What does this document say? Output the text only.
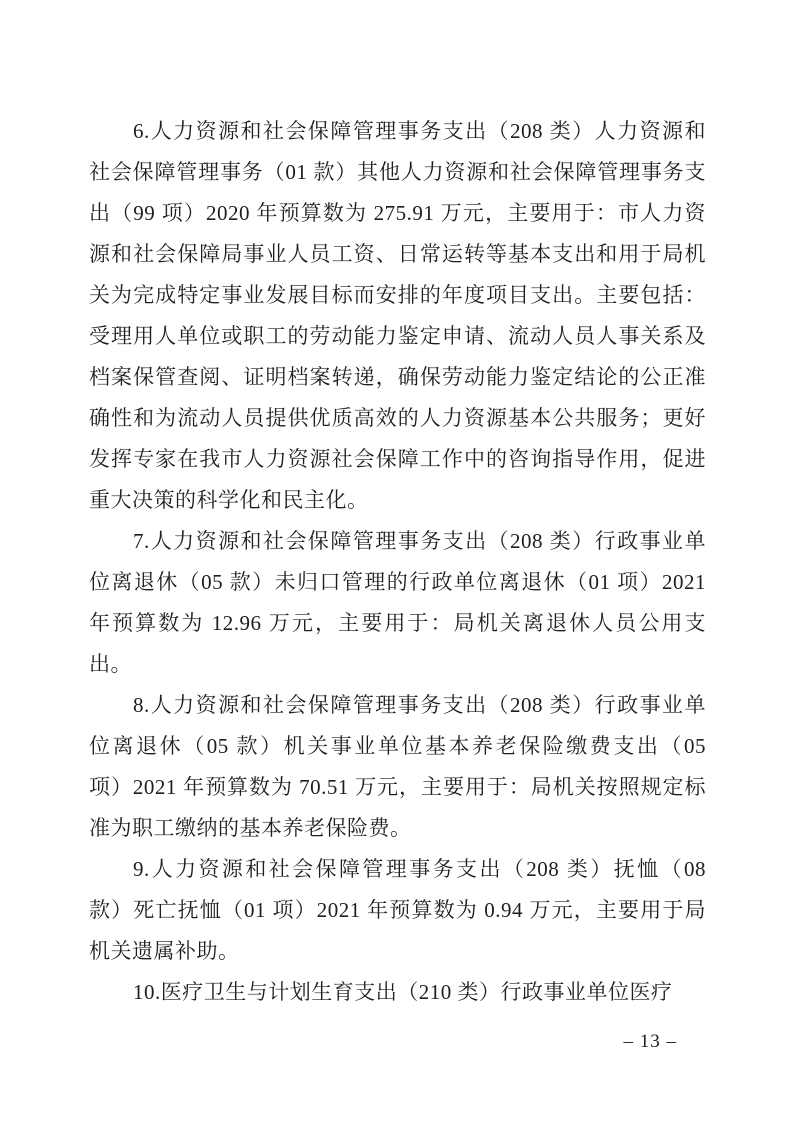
6.人力资源和社会保障管理事务支出（208 类）人力资源和
社会保障管理事务（01 款）其他人力资源和社会保障管理事务支
出（99 项）2020 年预算数为 275.91 万元，主要用于：市人力资
源和社会保障局事业人员工资、日常运转等基本支出和用于局机
关为完成特定事业发展目标而安排的年度项目支出。主要包括：
受理用人单位或职工的劳动能力鉴定申请、流动人员人事关系及
档案保管查阅、证明档案转递，确保劳动能力鉴定结论的公正准
确性和为流动人员提供优质高效的人力资源基本公共服务；更好
发挥专家在我市人力资源社会保障工作中的咨询指导作用，促进
重大决策的科学化和民主化。
7.人力资源和社会保障管理事务支出（208 类）行政事业单
位离退休（05 款）未归口管理的行政单位离退休（01 项）2021
年预算数为 12.96 万元，主要用于：局机关离退休人员公用支
出。
8.人力资源和社会保障管理事务支出（208 类）行政事业单
位离退休（05 款）机关事业单位基本养老保险缴费支出（05
项）2021 年预算数为 70.51 万元，主要用于：局机关按照规定标
准为职工缴纳的基本养老保险费。
9.人力资源和社会保障管理事务支出（208 类）抚恤（08
款）死亡抚恤（01 项）2021 年预算数为 0.94 万元，主要用于局
机关遗属补助。
10.医疗卫生与计划生育支出（210 类）行政事业单位医疗
– 13 –
